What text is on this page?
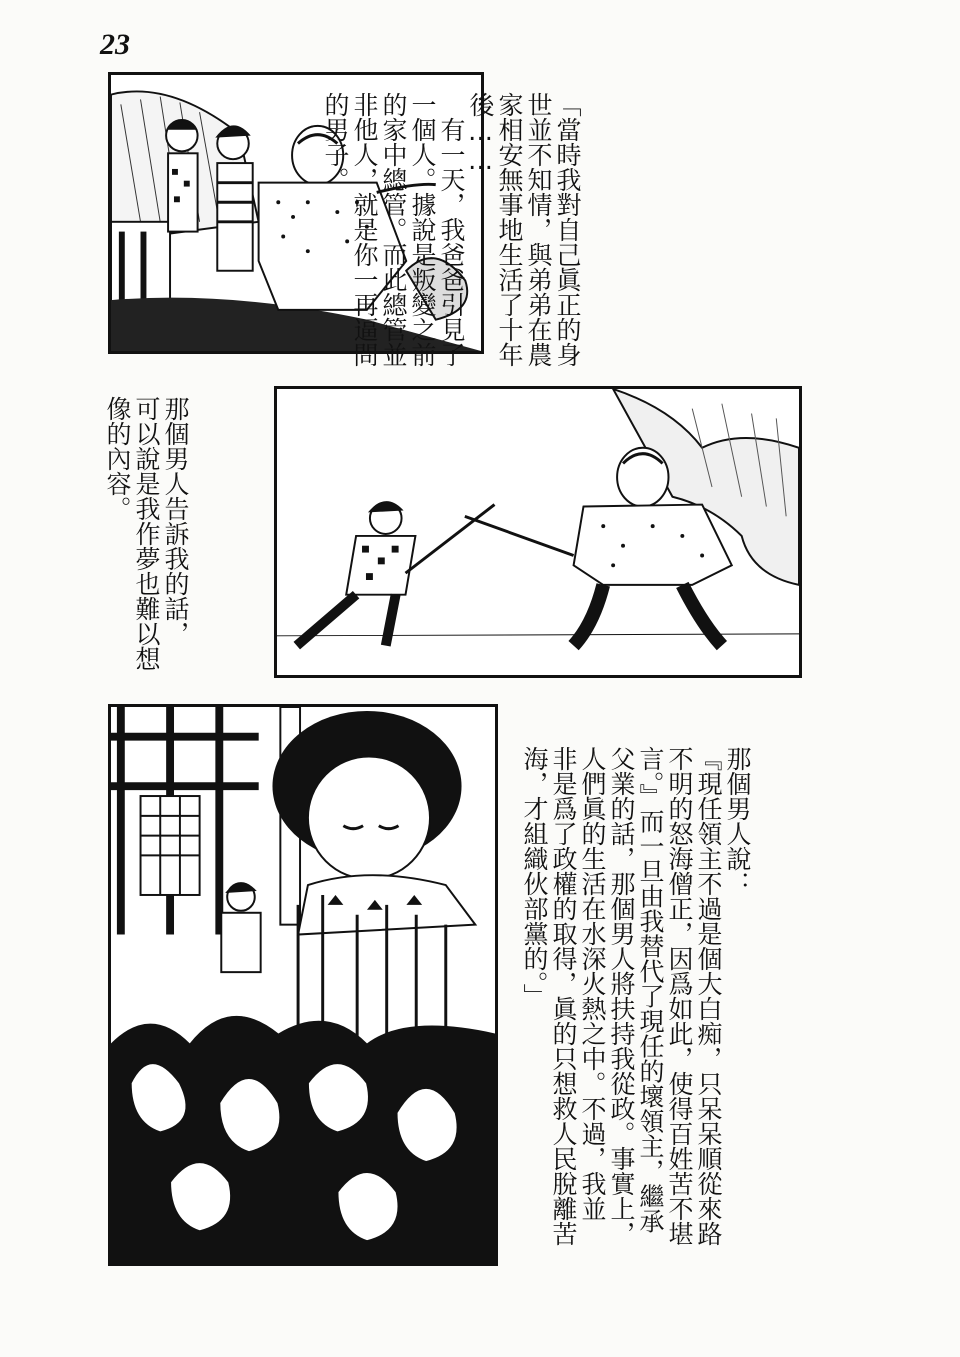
23
「當時我對自己眞正的身
世並不知情，與弟弟在農
家相安無事地生活了十年
後……
　有一天，我爸爸引見了
一個人。據說是叛變之前
的家中總管。而此總管並
非他人，就是你一再逼問
的男子。
那個男人告訴我的話，
可以說是我作夢也難以想
像的內容。
那個男人說：
『現任領主不過是個大白痴，只呆呆順從來路
不明的怒海僧正，因爲如此，使得百姓苦不堪
言。』而一旦由我替代了現任的壞領主，繼承
父業的話，那個男人將扶持我從政。事實上，
人們眞的生活在水深火熱之中。不過，我並
非是爲了政權的取得，眞的只想救人民脫離苦
海，才組織伙部黨的。」
